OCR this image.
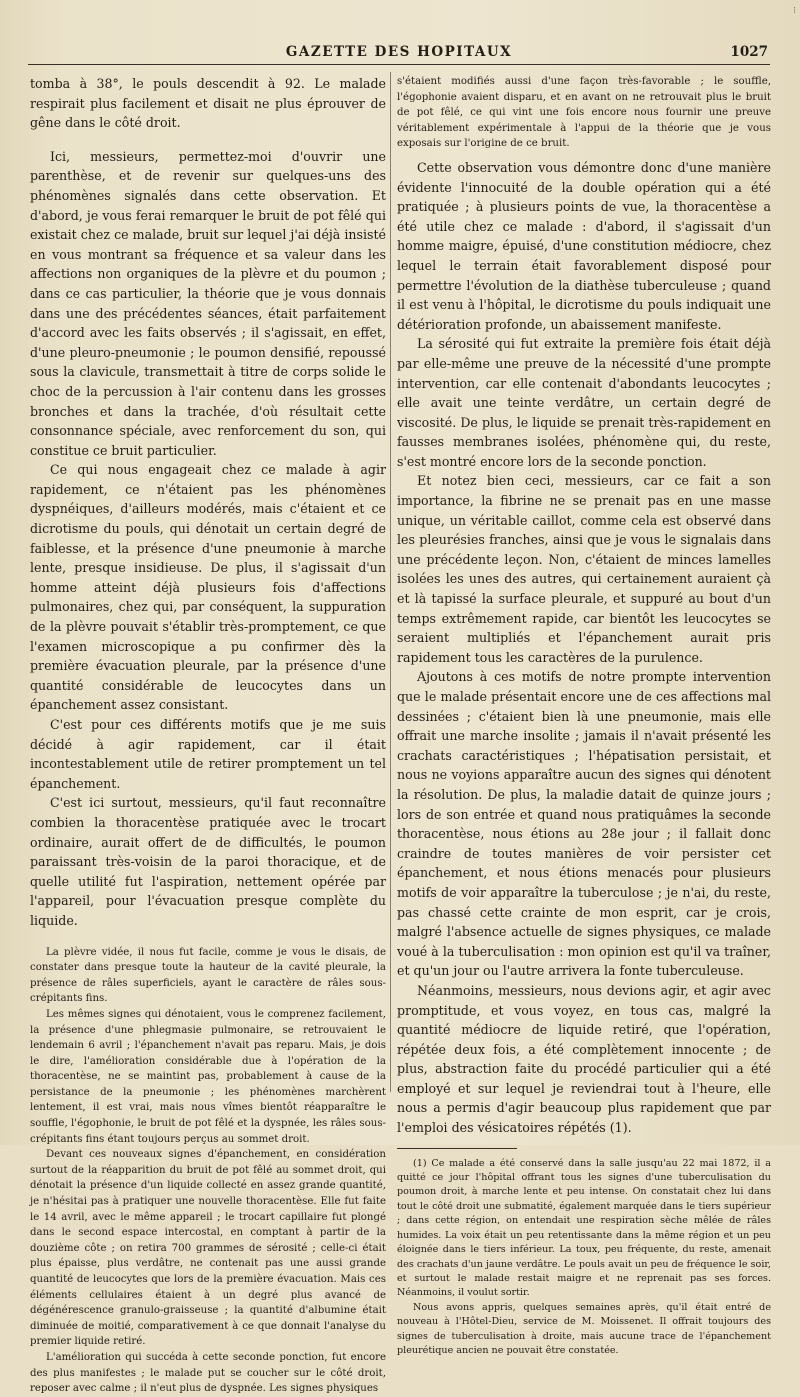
⁝
GAZETTE DES HOPITAUX	1027

tomba à 38°, le pouls descendit à 92. Le malade respirait plus facilement et disait ne plus éprouver de gêne dans le côté droit.

Ici, messieurs, permettez-moi d'ouvrir une parenthèse, et de revenir sur quelques-uns des phénomènes signalés dans cette observation. Et d'abord, je vous ferai remarquer le bruit de pot fêlé qui existait chez ce malade, bruit sur lequel j'ai déjà insisté en vous montrant sa fréquence et sa valeur dans les affections non organiques de la plèvre et du poumon ; dans ce cas particulier, la théorie que je vous donnais dans une des précédentes séances, était parfaitement d'accord avec les faits observés ; il s'agissait, en effet, d'une pleuro-pneumonie ; le poumon densifié, repoussé sous la clavicule, transmettait à titre de corps solide le choc de la percussion à l'air contenu dans les grosses bronches et dans la trachée, d'où résultait cette consonnance spéciale, avec renforcement du son, qui constitue ce bruit particulier.

Ce qui nous engageait chez ce malade à agir rapidement, ce n'étaient pas les phénomènes dyspnéiques, d'ailleurs modérés, mais c'étaient et ce dicrotisme du pouls, qui dénotait un certain degré de faiblesse, et la présence d'une pneumonie à marche lente, presque insidieuse. De plus, il s'agissait d'un homme atteint déjà plusieurs fois d'affections pulmonaires, chez qui, par conséquent, la suppuration de la plèvre pouvait s'établir très-promptement, ce que l'examen microscopique a pu confirmer dès la première évacuation pleurale, par la présence d'une quantité considérable de leucocytes dans un épanchement assez consistant.

C'est pour ces différents motifs que je me suis décidé à agir rapidement, car il était incontestablement utile de retirer promptement un tel épanchement.

C'est ici surtout, messieurs, qu'il faut reconnaître combien la thoracentèse pratiquée avec le trocart ordinaire, aurait offert de de difficultés, le poumon paraissant très-voisin de la paroi thoracique, et de quelle utilité fut l'aspiration, nettement opérée par l'appareil, pour l'évacuation presque complète du liquide.

La plèvre vidée, il nous fut facile, comme je vous le disais, de constater dans presque toute la hauteur de la cavité pleurale, la présence de râles superficiels, ayant le caractère de râles sous-crépitants fins.

Les mêmes signes qui dénotaient, vous le comprenez facilement, la présence d'une phlegmasie pulmonaire, se retrouvaient le lendemain 6 avril ; l'épanchement n'avait pas reparu. Mais, je dois le dire, l'amélioration considérable due à l'opération de la thoracentèse, ne se maintint pas, probablement à cause de la persistance de la pneumonie ; les phénomènes marchèrent lentement, il est vrai, mais nous vîmes bientôt réapparaître le souffle, l'égophonie, le bruit de pot fêlé et la dyspnée, les râles sous-crépitants fins étant toujours perçus au sommet droit.

Devant ces nouveaux signes d'épanchement, en considération surtout de la réapparition du bruit de pot fêlé au sommet droit, qui dénotait la présence d'un liquide collecté en assez grande quantité, je n'hésitai pas à pratiquer une nouvelle thoracentèse. Elle fut faite le 14 avril, avec le même appareil ; le trocart capillaire fut plongé dans le second espace intercostal, en comptant à partir de la douzième côte ; on retira 700 grammes de sérosité ; celle-ci était plus épaisse, plus verdâtre, ne contenait pas une aussi grande quantité de leucocytes que lors de la première évacuation. Mais ces éléments cellulaires étaient à un degré plus avancé de dégénérescence granulo-graisseuse ; la quantité d'albumine était diminuée de moitié, comparativement à ce que donnait l'analyse du premier liquide retiré.

L'amélioration qui succéda à cette seconde ponction, fut encore des plus manifestes ; le malade put se coucher sur le côté droit, reposer avec calme ; il n'eut plus de dyspnée. Les signes physiques

s'étaient modifiés aussi d'une façon très-favorable ; le souffle, l'égophonie avaient disparu, et en avant on ne retrouvait plus le bruit de pot fêlé, ce qui vint une fois encore nous fournir une preuve véritablement expérimentale à l'appui de la théorie que je vous exposais sur l'origine de ce bruit.

Cette observation vous démontre donc d'une manière évidente l'innocuité de la double opération qui a été pratiquée ; à plusieurs points de vue, la thoracentèse a été utile chez ce malade : d'abord, il s'agissait d'un homme maigre, épuisé, d'une constitution médiocre, chez lequel le terrain était favorablement disposé pour permettre l'évolution de la diathèse tuberculeuse ; quand il est venu à l'hôpital, le dicrotisme du pouls indiquait une détérioration profonde, un abaissement manifeste.

La sérosité qui fut extraite la première fois était déjà par elle-même une preuve de la nécessité d'une prompte intervention, car elle contenait d'abondants leucocytes ; elle avait une teinte verdâtre, un certain degré de viscosité. De plus, le liquide se prenait très-rapidement en fausses membranes isolées, phénomène qui, du reste, s'est montré encore lors de la seconde ponction.

Et notez bien ceci, messieurs, car ce fait a son importance, la fibrine ne se prenait pas en une masse unique, un véritable caillot, comme cela est observé dans les pleurésies franches, ainsi que je vous le signalais dans une précédente leçon. Non, c'étaient de minces lamelles isolées les unes des autres, qui certainement auraient çà et là tapissé la surface pleurale, et suppuré au bout d'un temps extrêmement rapide, car bientôt les leucocytes se seraient multipliés et l'épanchement aurait pris rapidement tous les caractères de la purulence.

Ajoutons à ces motifs de notre prompte intervention que le malade présentait encore une de ces affections mal dessinées ; c'étaient bien là une pneumonie, mais elle offrait une marche insolite ; jamais il n'avait présenté les crachats caractéristiques ; l'hépatisation persistait, et nous ne voyions apparaître aucun des signes qui dénotent la résolution. De plus, la maladie datait de quinze jours ; lors de son entrée et quand nous pratiquâmes la seconde thoracentèse, nous étions au 28e jour ; il fallait donc craindre de toutes manières de voir persister cet épanchement, et nous étions menacés pour plusieurs motifs de voir apparaître la tuberculose ; je n'ai, du reste, pas chassé cette crainte de mon esprit, car je crois, malgré l'absence actuelle de signes physiques, ce malade voué à la tuberculisation : mon opinion est qu'il va traîner, et qu'un jour ou l'autre arrivera la fonte tuberculeuse.

Néanmoins, messieurs, nous devions agir, et agir avec promptitude, et vous voyez, en tous cas, malgré la quantité médiocre de liquide retiré, que l'opération, répétée deux fois, a été complètement innocente ; de plus, abstraction faite du procédé particulier qui a été employé et sur lequel je reviendrai tout à l'heure, elle nous a permis d'agir beaucoup plus rapidement que par l'emploi des vésicatoires répétés (1).

(1) Ce malade a été conservé dans la salle jusqu'au 22 mai 1872, il a quitté ce jour l'hôpital offrant tous les signes d'une tuberculisation du poumon droit, à marche lente et peu intense. On constatait chez lui dans tout le côté droit une submatité, également marquée dans le tiers supérieur ; dans cette région, on entendait une respiration sèche mêlée de râles humides. La voix était un peu retentissante dans la même région et un peu éloignée dans le tiers inférieur. La toux, peu fréquente, du reste, amenait des crachats d'un jaune verdâtre. Le pouls avait un peu de fréquence le soir, et surtout le malade restait maigre et ne reprenait pas ses forces. Néanmoins, il voulut sortir.

Nous avons appris, quelques semaines après, qu'il était entré de nouveau à l'Hôtel-Dieu, service de M. Moissenet. Il offrait toujours des signes de tuberculisation à droite, mais aucune trace de l'épanchement pleurétique ancien ne pouvait être constatée.
